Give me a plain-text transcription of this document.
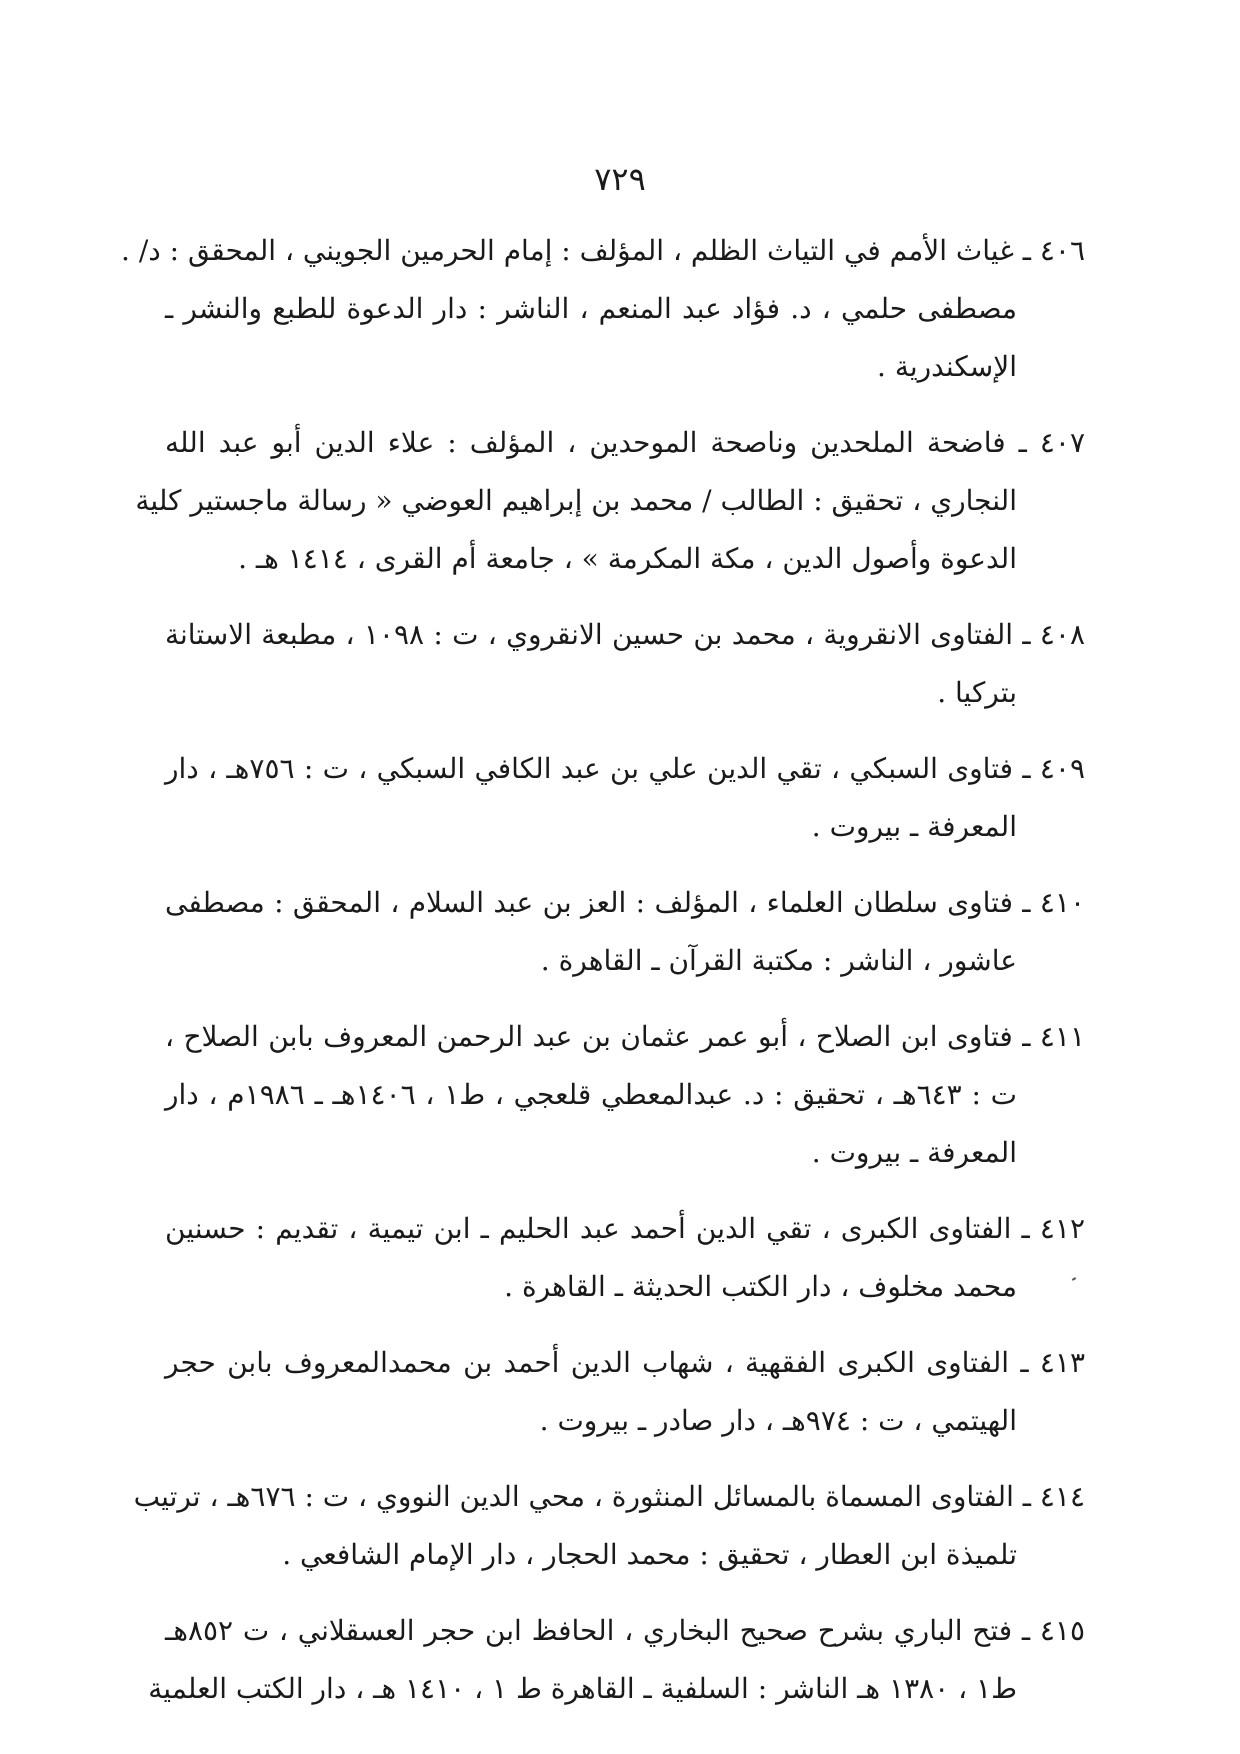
٧٢٩
٤٠٦ ـ غياث الأمم في التياث الظلم ، المؤلف : إمام الحرمين الجويني ، المحقق : د/ .
مصطفى حلمي ، د. فؤاد عبد المنعم ، الناشر : دار الدعوة للطبع والنشر ـ
الإسكندرية .
٤٠٧ ـ فاضحة الملحدين وناصحة الموحدين ، المؤلف : علاء الدين أبو عبد الله
النجاري ، تحقيق : الطالب / محمد بن إبراهيم العوضي « رسالة ماجستير كلية
الدعوة وأصول الدين ، مكة المكرمة » ، جامعة أم القرى ، ١٤١٤ هـ .
٤٠٨ ـ الفتاوى الانقروية ، محمد بن حسين الانقروي ، ت : ١٠٩٨ ، مطبعة الاستانة
بتركيا .
٤٠٩ ـ فتاوى السبكي ، تقي الدين علي بن عبد الكافي السبكي ، ت : ٧٥٦هـ ، دار
المعرفة ـ بيروت .
٤١٠ ـ فتاوى سلطان العلماء ، المؤلف : العز بن عبد السلام ، المحقق : مصطفى
عاشور ، الناشر : مكتبة القرآن ـ القاهرة .
٤١١ ـ فتاوى ابن الصلاح ، أبو عمر عثمان بن عبد الرحمن المعروف بابن الصلاح ،
ت : ٦٤٣هـ ، تحقيق : د. عبدالمعطي قلعجي ، ط١ ، ١٤٠٦هـ ـ ١٩٨٦م ، دار
المعرفة ـ بيروت .
٤١٢ ـ الفتاوى الكبرى ، تقي الدين أحمد عبد الحليم ـ ابن تيمية ، تقديم : حسنين
محمد مخلوف ، دار الكتب الحديثة ـ القاهرة .
٤١٣ ـ الفتاوى الكبرى الفقهية ، شهاب الدين أحمد بن محمدالمعروف بابن حجر
الهيتمي ، ت : ٩٧٤هـ ، دار صادر ـ بيروت .
٤١٤ ـ الفتاوى المسماة بالمسائل المنثورة ، محي الدين النووي ، ت : ٦٧٦هـ ، ترتيب
تلميذة ابن العطار ، تحقيق : محمد الحجار ، دار الإمام الشافعي .
٤١٥ ـ فتح الباري بشرح صحيح البخاري ، الحافظ ابن حجر العسقلاني ، ت ٨٥٢هـ
ط١ ، ١٣٨٠ هـ الناشر : السلفية ـ القاهرة ط ١ ، ١٤١٠ هـ ، دار الكتب العلمية
